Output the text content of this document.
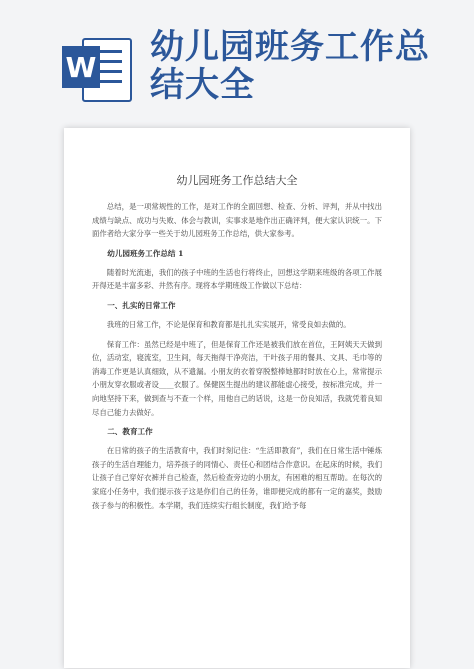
W 幼儿园班务工作总
结大全
幼儿园班务工作总结大全

总结，是一项常规性的工作，是对工作的全面回想、检查、分析、评判，并从中找出成绩与缺点、成功与失败、体会与教训，实事求是地作出正确评判，便大家认识统一。下面作者给大家分享一些关于幼儿园班务工作总结，供大家参考。

幼儿园班务工作总结 1

随着时光流逝，我们的孩子中班的生活也行将终止，回想这学期来班级的各项工作展开得还是丰富多彩、井然有序。现将本学期班级工作做以下总结：

一、扎实的日常工作

我班的日常工作，不论是保育和教育都是扎扎实实展开，常受良如去做的。

保育工作：虽然已经是中班了，但是保育工作还是被我们放在首位，王阿姨天天做到位，活动室，寝流室，卫生间，每天拖得干净亮洁，干叶孩子用的餐具、文具、毛巾等的消毒工作更是认真细致，从不遗漏。小朋友的衣着穿脱整棒她都时时放在心上，常常提示小朋友穿衣服或者设____衣服了。保健医生提出的建议都能虚心接受，按标准完成，并一向地坚持下来，做到查与不查一个样，用他自己的话说，这是一份良知活，我就凭着良知尽自己能力去做好。

二、教育工作

在日常的孩子的生活教育中，我们时刻记住：“生活即教育”，我们在日常生活中锤炼孩子的生活自理能力，培养孩子的同情心、责任心和团结合作意识。在起床的时候，我们让孩子自己穿好衣裤并自己检查，然后检查旁边的小朋友，有困难的相互帮助。在每次的家庭小任务中，我们提示孩子这是你们自己的任务，谁即便完成的都有一定的嘉奖，鼓励孩子参与的积极性。本学期，我们连续实行组长制度，我们给予每
